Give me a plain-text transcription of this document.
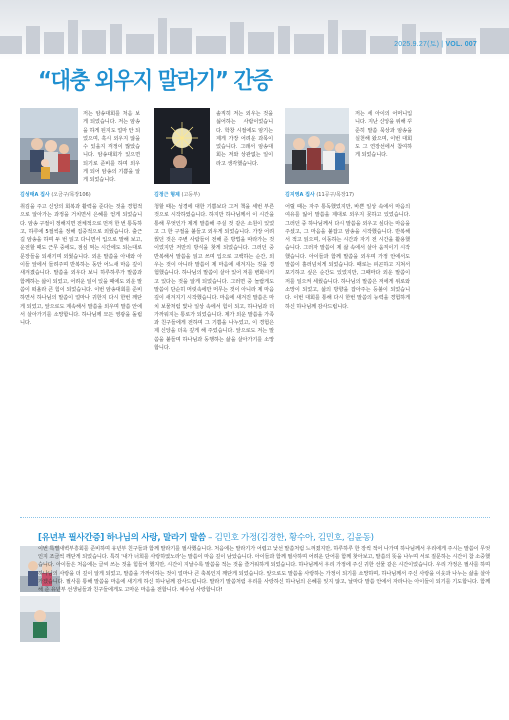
2025.9.27(토) | VOL. 007
“대충 외우지 말라기” 간증
저는 암송대회를 처음 보게 되었습니다. 저는 암송을 하게 된지도 얼마 안 되었으며, 혹시 외우지 않을 수 있을지 걱정이 많았습니다. 암송대회가 있으면 되기로 준비를 하며 외우게 되어 암송의 기쁨을 알게 되었습니다.
김성태A 집사 (오금구/목장106)
취김을 주고 신앙의 회복과 활력을 준다는 것을 경험적으로 알아가는 과정을 거치면서 은혜를 얻게 되었습니다. 암송 구절이 정해지면 전체적으로 먼저 한 번 통독하고, 하루에 5절씩을 정해 집중적으로 외웠습니다. 출근 길 암송을 하며 두 번 읽고 다니면서 입으로 말해 보고, 운전할 때도 근무 중에도, 점심 먹는 시간에도 되는대로 문장들을 되새기며 외웠습니다. 외운 말씀을 아내와 아이들 앞에서 들려주며 반복하는 동안 어느새 마음 깊이 새겨졌습니다. 말씀을 외우다 보니 하루하루가 말씀과 함께하는 삶이 되었고, 어려운 일이 있을 때에도 외운 말씀이 떠올라 큰 힘이 되었습니다. 이번 암송대회를 준비하면서 하나님의 말씀이 얼마나 귀한지 다시 한번 깨닫게 되었고, 앞으로도 계속해서 말씀을 외우며 말씀 안에서 살아가기를 소망합니다. 하나님께 모든 영광을 돌립니다.
솔직히 저는 외우는 것을 싫어하는 사람이었습니다. 학창 시절에도 암기는 제게 가장 어려운 과목이었습니다. 그래서 암송대회는 저와 상관없는 일이라고 생각했습니다.
김정근 형제 (고등부)
청할 때는 성경에 대한 기쁨보다 그저 책을 세번 부른 것으로 시작하였습니다. 하지만 하나님께서 이 시간을 통해 무엇인가 제게 말씀해 주실 것 같은 소원이 있었고 그 한 구절을 붙들고 외우게 되었습니다. 가장 어려웠던 것은 주변 사람들이 전해 준 방법을 따라가는 것이었지만 저만의 방식을 찾게 되었습니다. 그러던 중 반복해서 말씀을 읽고 쓰며 입으로 고백하는 순간, 외우는 것이 아니라 말씀이 제 마음에 새겨지는 것을 경험했습니다. 하나님의 말씀이 살아 있어 저를 변화시키고 있다는 것을 알게 되었습니다. 그러면 중 놀랍게도 말씀이 단순히 머릿속에만 머무는 것이 아니라 제 마음 깊이 새겨지기 시작했습니다. 마음에 새겨진 말씀은 마치 보물처럼 빛나 일상 속에서 힘이 되고, 하나님과 더 가까워지는 통로가 되었습니다. 제가 외운 말씀을 가족과 친구들에게 전하며 그 기쁨을 나누었고, 이 경험은 제 신앙을 더욱 깊게 해 주었습니다. 앞으로도 저는 말씀을 붙들며 하나님과 동행하는 삶을 살아가기를 소망합니다.
저는 세 아이의 어머니입니다. 지난 신앙을 위해 꾸준히 말씀 묵상과 암송을 실천해 왔으며, 이번 대회도 그 연장선에서 참여하게 되었습니다.
김지영A 집사 (11공구/목장17)
어릴 때는 자주 통독했었지만, 바쁜 일상 속에서 마음의 여유를 잃어 말씀을 제대로 외우지 못하고 있었습니다. 그러던 중 하나님께서 다시 말씀을 외우고 싶다는 마음을 주셨고, 그 마음을 붙잡고 암송을 시작했습니다. 반복해서 적고 읽으며, 이동하는 시간과 자기 전 시간을 활용했습니다. 그러자 말씀이 제 삶 속에서 살아 움직이기 시작했습니다. 아이들과 함께 말씀을 외우며 가정 안에서도 말씀이 흘러넘치게 되었습니다. 때로는 피곤하고 지쳐서 포기하고 싶은 순간도 있었지만, 그때마다 외운 말씀이 저를 일으켜 세웠습니다. 하나님의 말씀은 저에게 위로와 소망이 되었고, 삶의 방향을 잡아주는 등불이 되었습니다. 이번 대회를 통해 다시 한번 말씀의 능력을 경험하게 하신 하나님께 감사드립니다.
[유년부 필사간증] 하나님의 사랑, 말라기 말씀 – 김민호 가정(김경한, 황수아, 김민호, 김윤동)
이번 특별새벽부흥회를 준비하며 유년부 친구들과 함께 말라기를 필사했습니다. 처음에는 말라기가 어렵고 낯선 말씀처럼 느껴졌지만, 하루하루 한 장씩 적어 나가며 하나님께서 우리에게 주시는 말씀이 무엇인지 조금씩 깨닫게 되었습니다. 특히 '내가 너희를 사랑하였노라'는 말씀이 마음 깊이 남았습니다. 아이들과 함께 필사하며 어려운 단어를 함께 찾아보고, 말씀의 뜻을 나누며 서로 질문하는 시간이 참 소중했습니다. 아이들은 처음에는 글씨 쓰는 것을 힘들어 했지만, 시간이 지날수록 말씀을 적는 것을 즐거워하게 되었습니다. 하나님께서 우리 가정에 주신 귀한 선물 같은 시간이었습니다. 우리 가정은 필사를 하며 하나님의 사랑을 더 깊이 알게 되었고, 말씀을 가까이하는 것이 얼마나 큰 축복인지 깨닫게 되었습니다. 앞으로도 말씀을 사랑하는 가정이 되기를 소망하며, 하나님께서 주신 사랑을 이웃과 나누는 삶을 살아가겠습니다. 필사를 통해 말씀을 마음에 새기게 하신 하나님께 감사드립니다. 말라기 말씀처럼 우리를 사랑하신 하나님의 은혜를 잊지 않고, 날마다 말씀 안에서 자라나는 아이들이 되기를 기도합니다. 함께 해 준 유년부 선생님들과 친구들에게도 고마운 마음을 전합니다. 예수님 사랑합니다!
